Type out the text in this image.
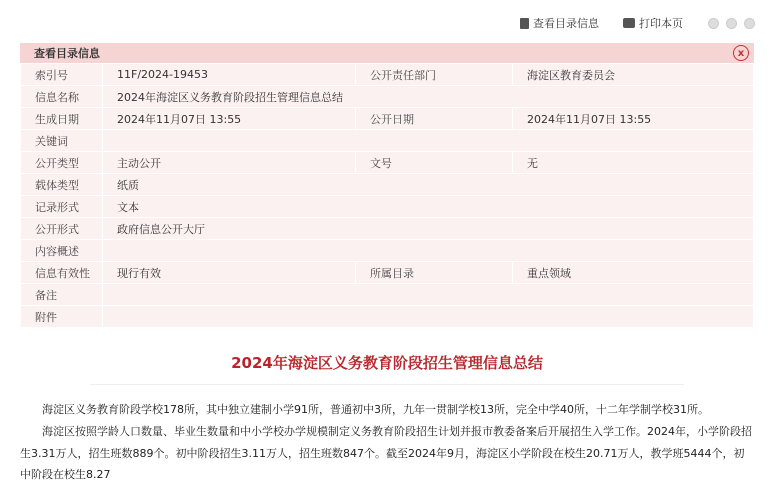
查看目录信息	打印本页
查看目录信息	x
索引号	11F/2024-19453	公开责任部门	海淀区教育委员会
信息名称	2024年海淀区义务教育阶段招生管理信息总结		
生成日期	2024年11月07日 13:55	公开日期	2024年11月07日 13:55
关键词			
公开类型	主动公开	文号	无
载体类型	纸质		
记录形式	文本		
公开形式	政府信息公开大厅		
内容概述			
信息有效性	现行有效	所属目录	重点领域
备注			
附件			
2024年海淀区义务教育阶段招生管理信息总结
海淀区义务教育阶段学校178所，其中独立建制小学91所，普通初中3所，九年一贯制学校13所，完全中学40所，十二年学制学校31所。
海淀区按照学龄人口数量、毕业生数量和中小学校办学规模制定义务教育阶段招生计划并报市教委备案后开展招生入学工作。2024年，小学阶段招生3.31万人，招生班数889个。初中阶段招生3.11万人，招生班数847个。截至2024年9月，海淀区小学阶段在校生20.71万人，教学班5444个，初中阶段在校生8.27
